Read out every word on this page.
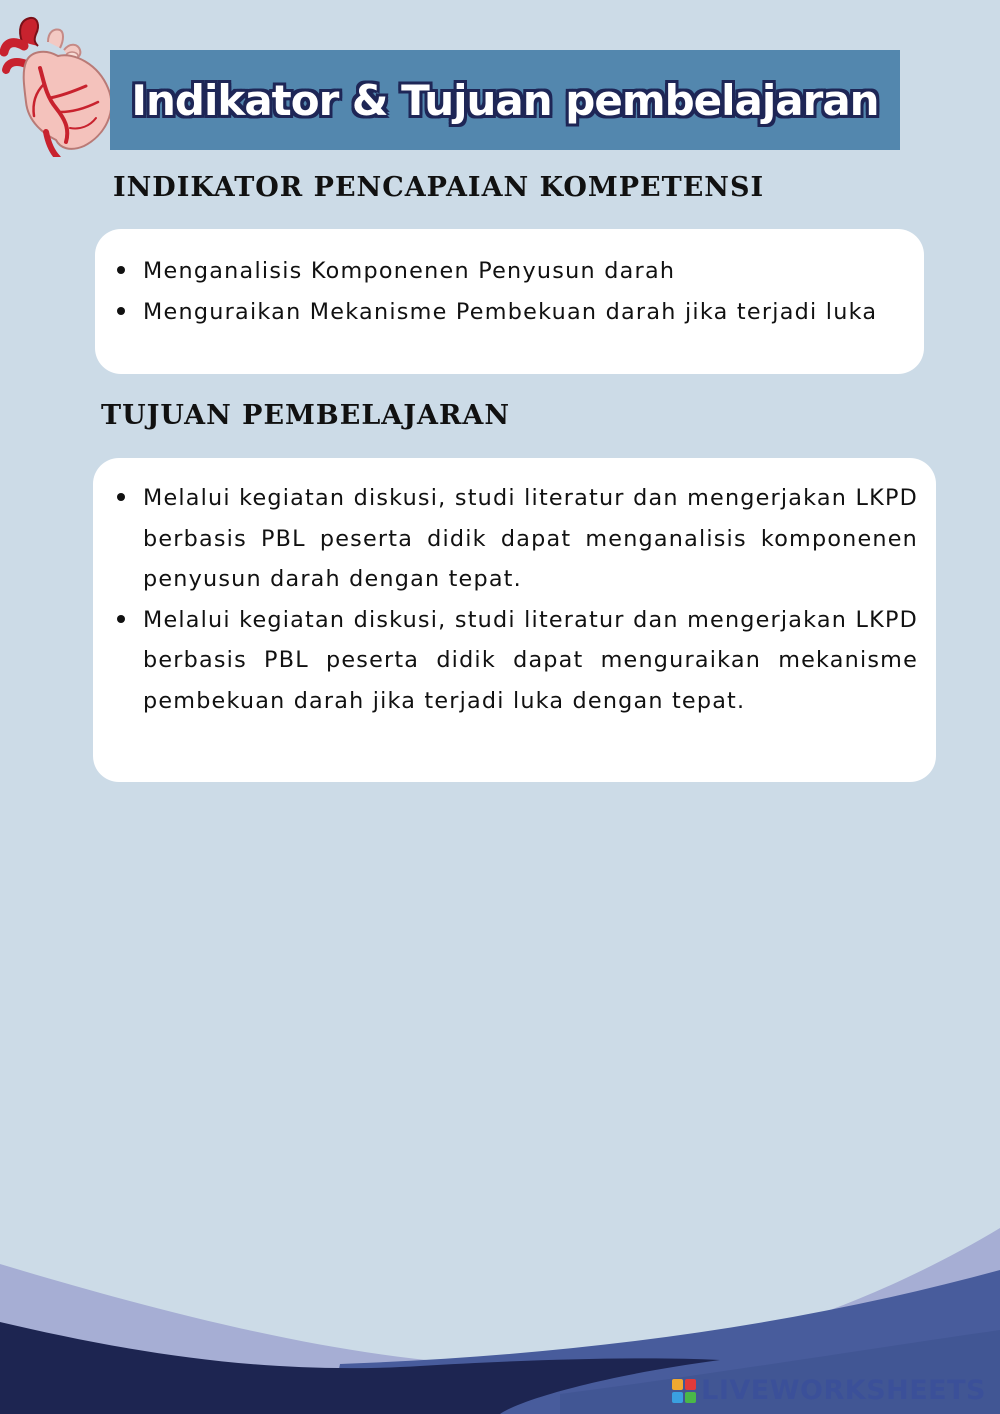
Indikator & Tujuan pembelajaran
INDIKATOR PENCAPAIAN KOMPETENSI
Menganalisis Komponenen Penyusun darah
Menguraikan Mekanisme Pembekuan darah jika terjadi luka
TUJUAN PEMBELAJARAN
Melalui kegiatan diskusi, studi literatur dan mengerjakan LKPD berbasis PBL peserta didik dapat menganalisis komponenen penyusun darah dengan tepat.
Melalui kegiatan diskusi, studi literatur dan mengerjakan LKPD berbasis PBL peserta didik dapat menguraikan mekanisme pembekuan darah jika terjadi luka dengan tepat.
LIVEWORKSHEETS
